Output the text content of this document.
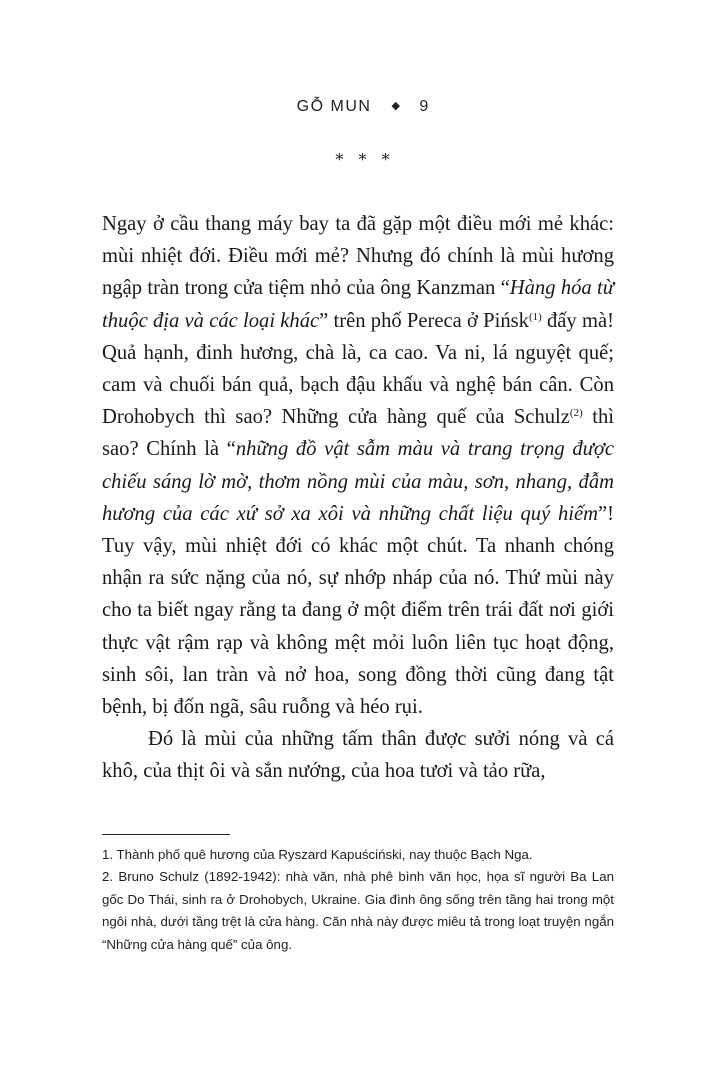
GỖ MUN ◆ 9
* * *

Ngay ở cầu thang máy bay ta đã gặp một điều mới mẻ khác: mùi nhiệt đới. Điều mới mẻ? Nhưng đó chính là mùi hương ngập tràn trong cửa tiệm nhỏ của ông Kanzman “Hàng hóa từ thuộc địa và các loại khác” trên phố Pereca ở Pińsk$^{(1)}$ đấy mà! Quả hạnh, đinh hương, chà là, ca cao. Va ni, lá nguyệt quế; cam và chuối bán quả, bạch đậu khấu và nghệ bán cân. Còn Drohobych thì sao? Những cửa hàng quế của Schulz$^{(2)}$ thì sao? Chính là “những đồ vật sẫm màu và trang trọng được chiếu sáng lờ mờ, thơm nồng mùi của màu, sơn, nhang, đẫm hương của các xứ sở xa xôi và những chất liệu quý hiếm”! Tuy vậy, mùi nhiệt đới có khác một chút. Ta nhanh chóng nhận ra sức nặng của nó, sự nhớp nháp của nó. Thứ mùi này cho ta biết ngay rằng ta đang ở một điểm trên trái đất nơi giới thực vật rậm rạp và không mệt mỏi luôn liên tục hoạt động, sinh sôi, lan tràn và nở hoa, song đồng thời cũng đang tật bệnh, bị đốn ngã, sâu ruỗng và héo rụi.

Đó là mùi của những tấm thân được sưởi nóng và cá khô, của thịt ôi và sắn nướng, của hoa tươi và tảo rữa,

1. Thành phố quê hương của Ryszard Kapuściński, nay thuộc Bạch Nga.

2. Bruno Schulz (1892-1942): nhà văn, nhà phê bình văn học, họa sĩ người Ba Lan gốc Do Thái, sinh ra ở Drohobych, Ukraine. Gia đình ông sống trên tầng hai trong một ngôi nhà, dưới tầng trệt là cửa hàng. Căn nhà này được miêu tả trong loạt truyện ngắn “Những cửa hàng quế” của ông.
